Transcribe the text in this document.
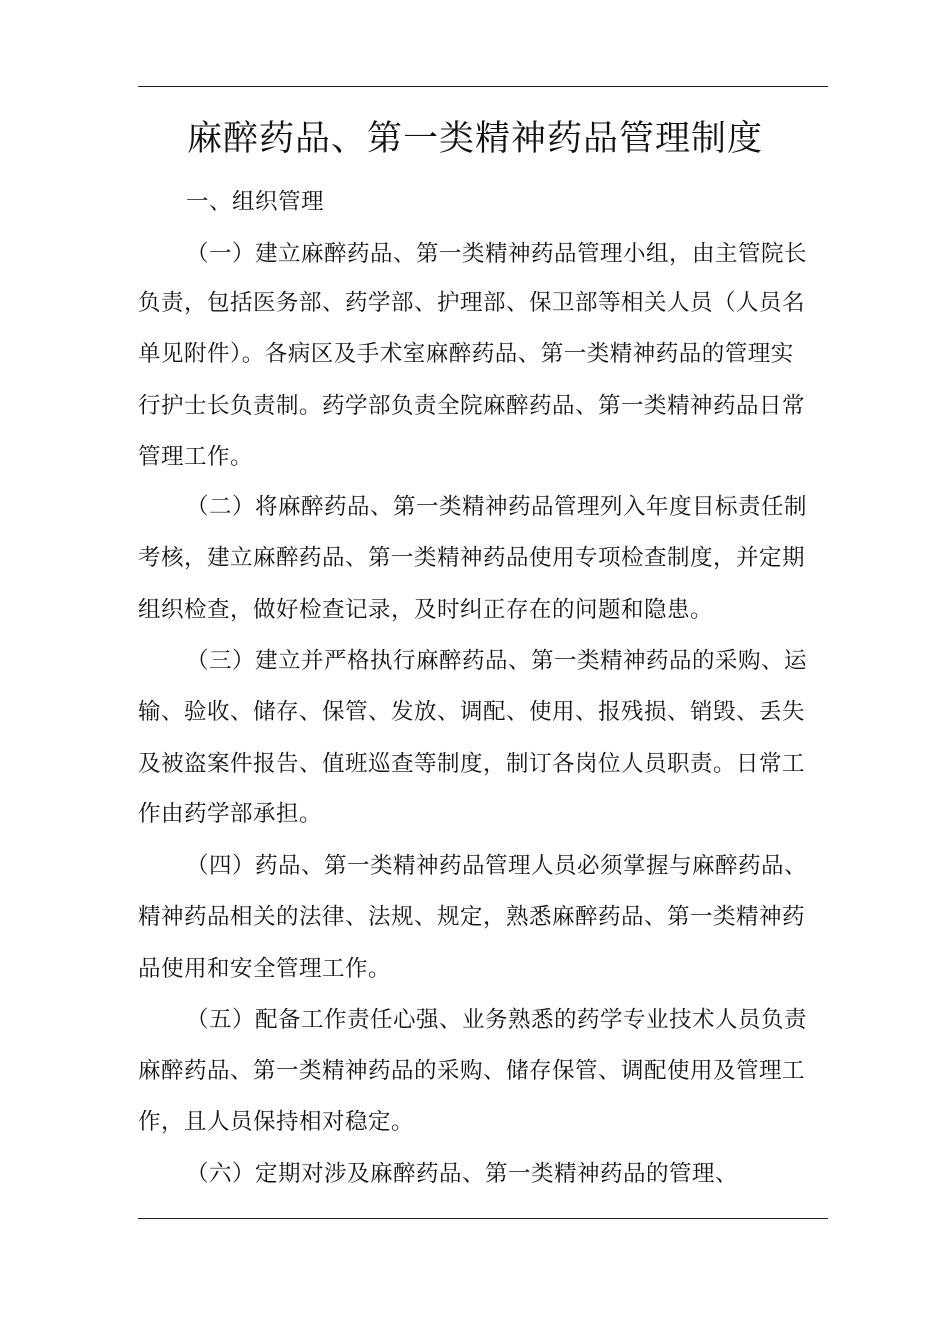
麻醉药品、第一类精神药品管理制度
一、组织管理
（一）建立麻醉药品、第一类精神药品管理小组，由主管院长
负责，包括医务部、药学部、护理部、保卫部等相关人员（人员名
单见附件）。各病区及手术室麻醉药品、第一类精神药品的管理实
行护士长负责制。药学部负责全院麻醉药品、第一类精神药品日常
管理工作。
（二）将麻醉药品、第一类精神药品管理列入年度目标责任制
考核，建立麻醉药品、第一类精神药品使用专项检查制度，并定期
组织检查，做好检查记录，及时纠正存在的问题和隐患。
（三）建立并严格执行麻醉药品、第一类精神药品的采购、运
输、验收、储存、保管、发放、调配、使用、报残损、销毁、丢失
及被盗案件报告、值班巡查等制度，制订各岗位人员职责。日常工
作由药学部承担。
（四）药品、第一类精神药品管理人员必须掌握与麻醉药品、
精神药品相关的法律、法规、规定，熟悉麻醉药品、第一类精神药
品使用和安全管理工作。
（五）配备工作责任心强、业务熟悉的药学专业技术人员负责
麻醉药品、第一类精神药品的采购、储存保管、调配使用及管理工
作，且人员保持相对稳定。
（六）定期对涉及麻醉药品、第一类精神药品的管理、
